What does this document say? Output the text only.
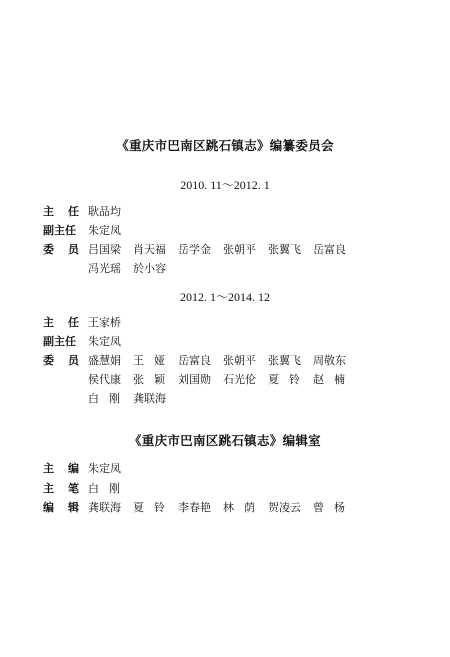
《重庆市巴南区跳石镇志》编纂委员会
2010. 11～2012. 1
主 任 耿 品 均
副 主 任 朱 定 凤
委 员 吕 国 梁 肖 天 福 岳 学 金 张 朝 平 张 翼 飞 岳 富 良
冯 光 瑶 於 小 容
2012. 1～2014. 12
主 任 王 家 桥
副 主 任 朱 定 凤
委 员 盛 慧 娟 王 娅 岳 富 良 张 朝 平 张 翼 飞 周 敬 东
侯 代 康 张 颖 刘 国 勋 石 光 伦 夏 铃 赵 楠
白 刚 龚 联 海
《重庆市巴南区跳石镇志》编辑室
主 编 朱 定 凤
主 笔 白 刚
编 辑 龚 联 海 夏 铃 李 春 艳 林 荫 贺 凌 云 曾 杨
